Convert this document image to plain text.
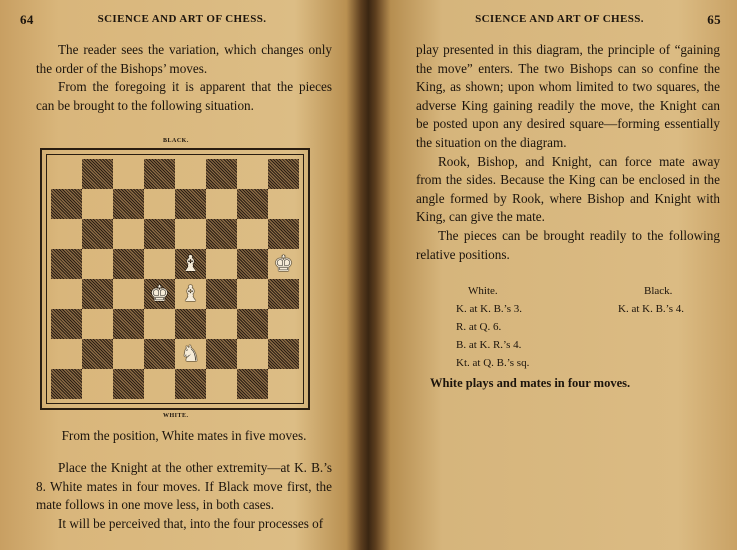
64	SCIENCE AND ART OF CHESS.

The reader sees the variation, which changes only the order of the Bishops’ moves.

From the foregoing it is apparent that the pieces can be brought to the following situation.

BLACK.
♝	♚
♚ ♝
♞
WHITE.
From the position, White mates in five moves.

Place the Knight at the other extremity—at K. B.’s 8. White mates in four moves. If Black move first, the mate follows in one move less, in both cases.

It will be perceived that, into the four processes of

65
SCIENCE AND ART OF CHESS.

play presented in this diagram, the principle of “gaining the move” enters. The two Bishops can so confine the King, as shown; upon whom limited to two squares, the adverse King gaining readily the move, the Knight can be posted upon any desired square—forming essentially the situation on the diagram.

Rook, Bishop, and Knight, can force mate away from the sides. Because the King can be enclosed in the angle formed by Rook, where Bishop and Knight with King, can give the mate.

The pieces can be brought readily to the following relative positions.

White.
K. at K. B.’s 3.
R. at Q. 6.
B. at K. R.’s 4.
Kt. at Q. B.’s sq.
Black.
K. at K. B.’s 4.
White plays and mates in four moves.
